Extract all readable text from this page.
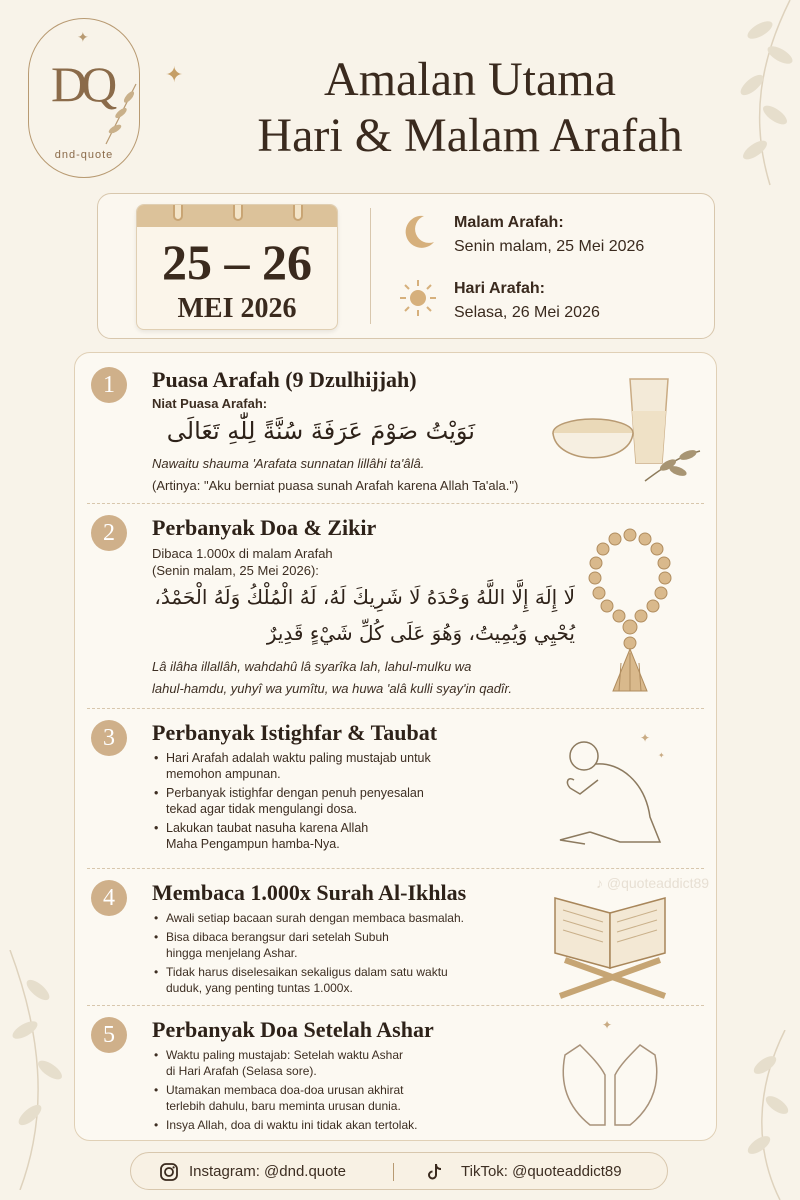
✦
DQ
dnd-quote
✦	Amalan Utama
Hari & Malam Arafah
25 – 26
MEI 2026
Malam Arafah:
Senin malam, 25 Mei 2026
Hari Arafah:
Selasa, 26 Mei 2026
1	Puasa Arafah (9 Dzulhijjah)
Niat Puasa Arafah:
نَوَيْتُ صَوْمَ عَرَفَةَ سُنَّةً لِلّٰهِ تَعَالَى
Nawaitu shauma 'Arafata sunnatan lillâhi ta'âlâ.
(Artinya: "Aku berniat puasa sunah Arafah karena Allah Ta'ala.")
2	Perbanyak Doa & Zikir
Dibaca 1.000x di malam Arafah
(Senin malam, 25 Mei 2026):
لَا إِلَهَ إِلَّا اللَّهُ وَحْدَهُ لَا شَرِيكَ لَهُ، لَهُ الْمُلْكُ وَلَهُ الْحَمْدُ،
يُحْيِي وَيُمِيتُ، وَهُوَ عَلَى كُلِّ شَيْءٍ قَدِيرٌ
Lâ ilâha illallâh, wahdahû lâ syarîka lah, lahul-mulku wa
lahul-hamdu, yuhyî wa yumîtu, wa huwa 'alâ kulli syay'in qadîr.
3	Perbanyak Istighfar & Taubat
• Hari Arafah adalah waktu paling mustajab untuk
memohon ampunan.
• Perbanyak istighfar dengan penuh penyesalan
tekad agar tidak mengulangi dosa.
• Lakukan taubat nasuha karena Allah
Maha Pengampun hamba-Nya.
✦
✦
4	Membaca 1.000x Surah Al-Ikhlas
• Awali setiap bacaan surah dengan membaca basmalah.
• Bisa dibaca berangsur dari setelah Subuh
hingga menjelang Ashar.
• Tidak harus diselesaikan sekaligus dalam satu waktu
duduk, yang penting tuntas 1.000x.
5	Perbanyak Doa Setelah Ashar
• Waktu paling mustajab: Setelah waktu Ashar
di Hari Arafah (Selasa sore).
• Utamakan membaca doa-doa urusan akhirat
terlebih dahulu, baru meminta urusan dunia.
• Insya Allah, doa di waktu ini tidak akan tertolak.
✦
♪ @quoteaddict89
Instagram: @dnd.quote	TikTok: @quoteaddict89
